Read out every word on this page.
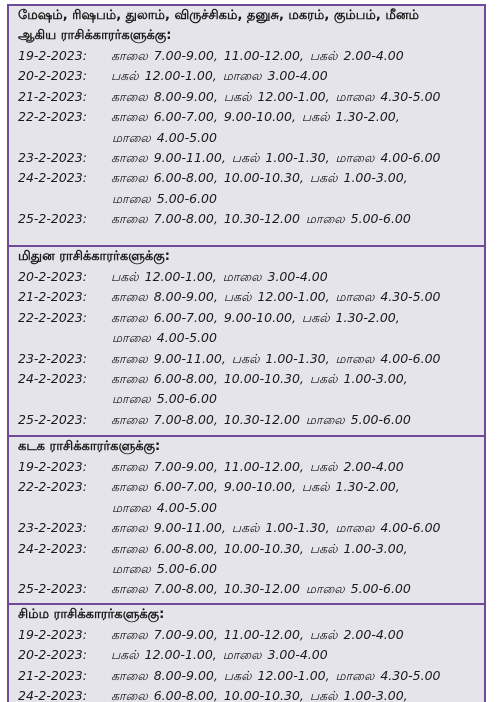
மேஷம், ரிஷபம், துலாம், விருச்சிகம், தனுசு, மகரம், கும்பம், மீனம்
ஆகிய ராசிக்காரர்களுக்கு:
19-2-2023:	காலை 7.00-9.00, 11.00-12.00, பகல் 2.00-4.00
20-2-2023:	பகல் 12.00-1.00, மாலை 3.00-4.00
21-2-2023:	காலை 8.00-9.00, பகல் 12.00-1.00, மாலை 4.30-5.00
22-2-2023:	காலை 6.00-7.00, 9.00-10.00, பகல் 1.30-2.00,
மாலை 4.00-5.00
23-2-2023:	காலை 9.00-11.00, பகல் 1.00-1.30, மாலை 4.00-6.00
24-2-2023:	காலை 6.00-8.00, 10.00-10.30, பகல் 1.00-3.00,
மாலை 5.00-6.00
25-2-2023:	காலை 7.00-8.00, 10.30-12.00 மாலை 5.00-6.00
மிதுன ராசிக்காரர்களுக்கு:
20-2-2023:	பகல் 12.00-1.00, மாலை 3.00-4.00
21-2-2023:	காலை 8.00-9.00, பகல் 12.00-1.00, மாலை 4.30-5.00
22-2-2023:	காலை 6.00-7.00, 9.00-10.00, பகல் 1.30-2.00,
மாலை 4.00-5.00
23-2-2023:	காலை 9.00-11.00, பகல் 1.00-1.30, மாலை 4.00-6.00
24-2-2023:	காலை 6.00-8.00, 10.00-10.30, பகல் 1.00-3.00,
மாலை 5.00-6.00
25-2-2023:	காலை 7.00-8.00, 10.30-12.00 மாலை 5.00-6.00
கடக ராசிக்காரர்களுக்கு:
19-2-2023:	காலை 7.00-9.00, 11.00-12.00, பகல் 2.00-4.00
22-2-2023:	காலை 6.00-7.00, 9.00-10.00, பகல் 1.30-2.00,
மாலை 4.00-5.00
23-2-2023:	காலை 9.00-11.00, பகல் 1.00-1.30, மாலை 4.00-6.00
24-2-2023:	காலை 6.00-8.00, 10.00-10.30, பகல் 1.00-3.00,
மாலை 5.00-6.00
25-2-2023:	காலை 7.00-8.00, 10.30-12.00 மாலை 5.00-6.00
சிம்ம ராசிக்காரர்களுக்கு:
19-2-2023:	காலை 7.00-9.00, 11.00-12.00, பகல் 2.00-4.00
20-2-2023:	பகல் 12.00-1.00, மாலை 3.00-4.00
21-2-2023:	காலை 8.00-9.00, பகல் 12.00-1.00, மாலை 4.30-5.00
24-2-2023:	காலை 6.00-8.00, 10.00-10.30, பகல் 1.00-3.00,
